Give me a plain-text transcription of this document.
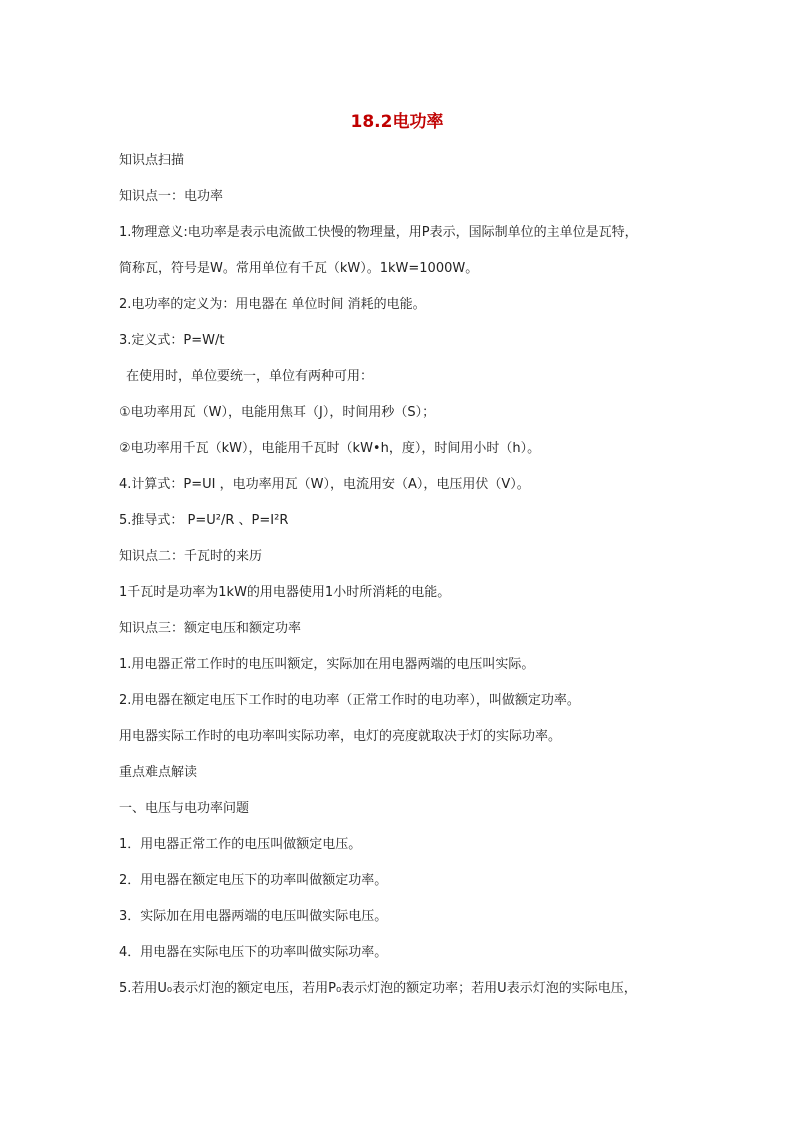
18.2电功率
知识点扫描
知识点一：电功率
1.物理意义:电功率是表示电流做工快慢的物理量，用P表示，国际制单位的主单位是瓦特，
简称瓦，符号是W。常用单位有千瓦（kW）。1kW=1000W。
2.电功率的定义为：用电器在 单位时间 消耗的电能。
3.定义式：P=W/t
在使用时，单位要统一，单位有两种可用：
①电功率用瓦（W），电能用焦耳（J），时间用秒（S）；
②电功率用千瓦（kW），电能用千瓦时（kW•h，度），时间用小时（h）。
4.计算式：P=UI ，电功率用瓦（W），电流用安（A），电压用伏（V）。
5.推导式： P=U²/R 、P=I²R
知识点二：千瓦时的来历
1千瓦时是功率为1kW的用电器使用1小时所消耗的电能。
知识点三：额定电压和额定功率
1.用电器正常工作时的电压叫额定，实际加在用电器两端的电压叫实际。
2.用电器在额定电压下工作时的电功率（正常工作时的电功率），叫做额定功率。
用电器实际工作时的电功率叫实际功率，电灯的亮度就取决于灯的实际功率。
重点难点解读
一、电压与电功率问题
1．用电器正常工作的电压叫做额定电压。
2．用电器在额定电压下的功率叫做额定功率。
3．实际加在用电器两端的电压叫做实际电压。
4．用电器在实际电压下的功率叫做实际功率。
5.若用U₀表示灯泡的额定电压，若用P₀表示灯泡的额定功率；若用U表示灯泡的实际电压，
